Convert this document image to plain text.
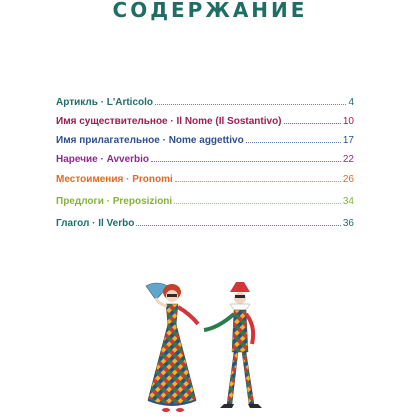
СОДЕРЖАНИЕ
Артикль · L'Articolo	4
Имя существительное · Il Nome (Il Sostantivo)	10
Имя прилагательное · Nome aggettivo	17
Наречие · Avverbio	22
Местоимения · Pronomi	26
Предлоги · Preposizioni	34
Глагол · Il Verbo	36
